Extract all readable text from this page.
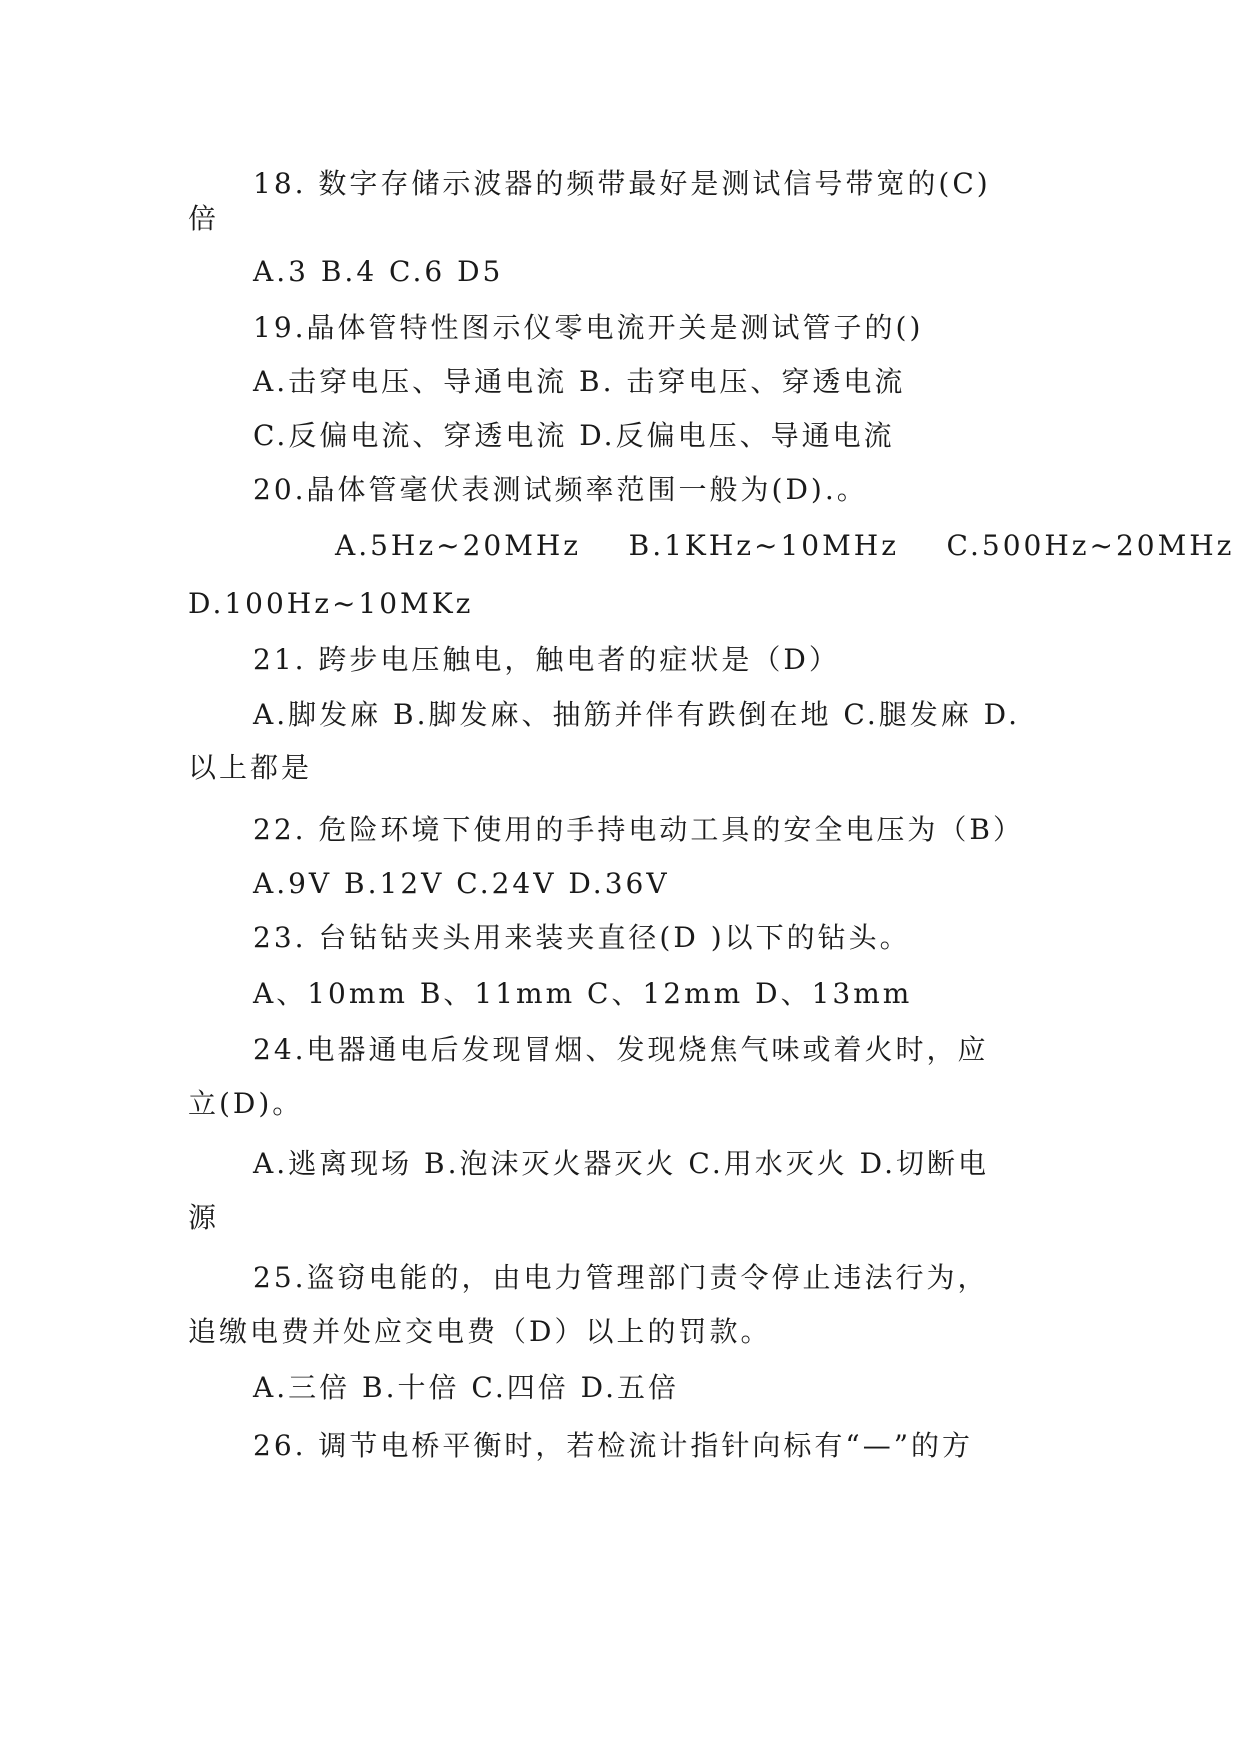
18. 数字存储示波器的频带最好是测试信号带宽的(C)
倍
A.3 B.4 C.6 D5
19.晶体管特性图示仪零电流开关是测试管子的()
A.击穿电压、导通电流 B. 击穿电压、穿透电流
C.反偏电流、穿透电流 D.反偏电压、导通电流
20.晶体管毫伏表测试频率范围一般为(D).。
A.5Hz~20MHz    B.1KHz~10MHz    C.500Hz~20MHz
D.100Hz~10MKz
21. 跨步电压触电，触电者的症状是（D）
A.脚发麻 B.脚发麻、抽筋并伴有跌倒在地 C.腿发麻 D.
以上都是
22. 危险环境下使用的手持电动工具的安全电压为（B）
A.9V B.12V C.24V D.36V
23. 台钻钻夹头用来装夹直径(D )以下的钻头。
A、10mm B、11mm C、12mm D、13mm
24.电器通电后发现冒烟、发现烧焦气味或着火时，应
立(D)。
A.逃离现场 B.泡沫灭火器灭火 C.用水灭火 D.切断电
源
25.盗窃电能的，由电力管理部门责令停止违法行为，
追缴电费并处应交电费（D）以上的罚款。
A.三倍 B.十倍 C.四倍 D.五倍
26. 调节电桥平衡时，若检流计指针向标有“—”的方
